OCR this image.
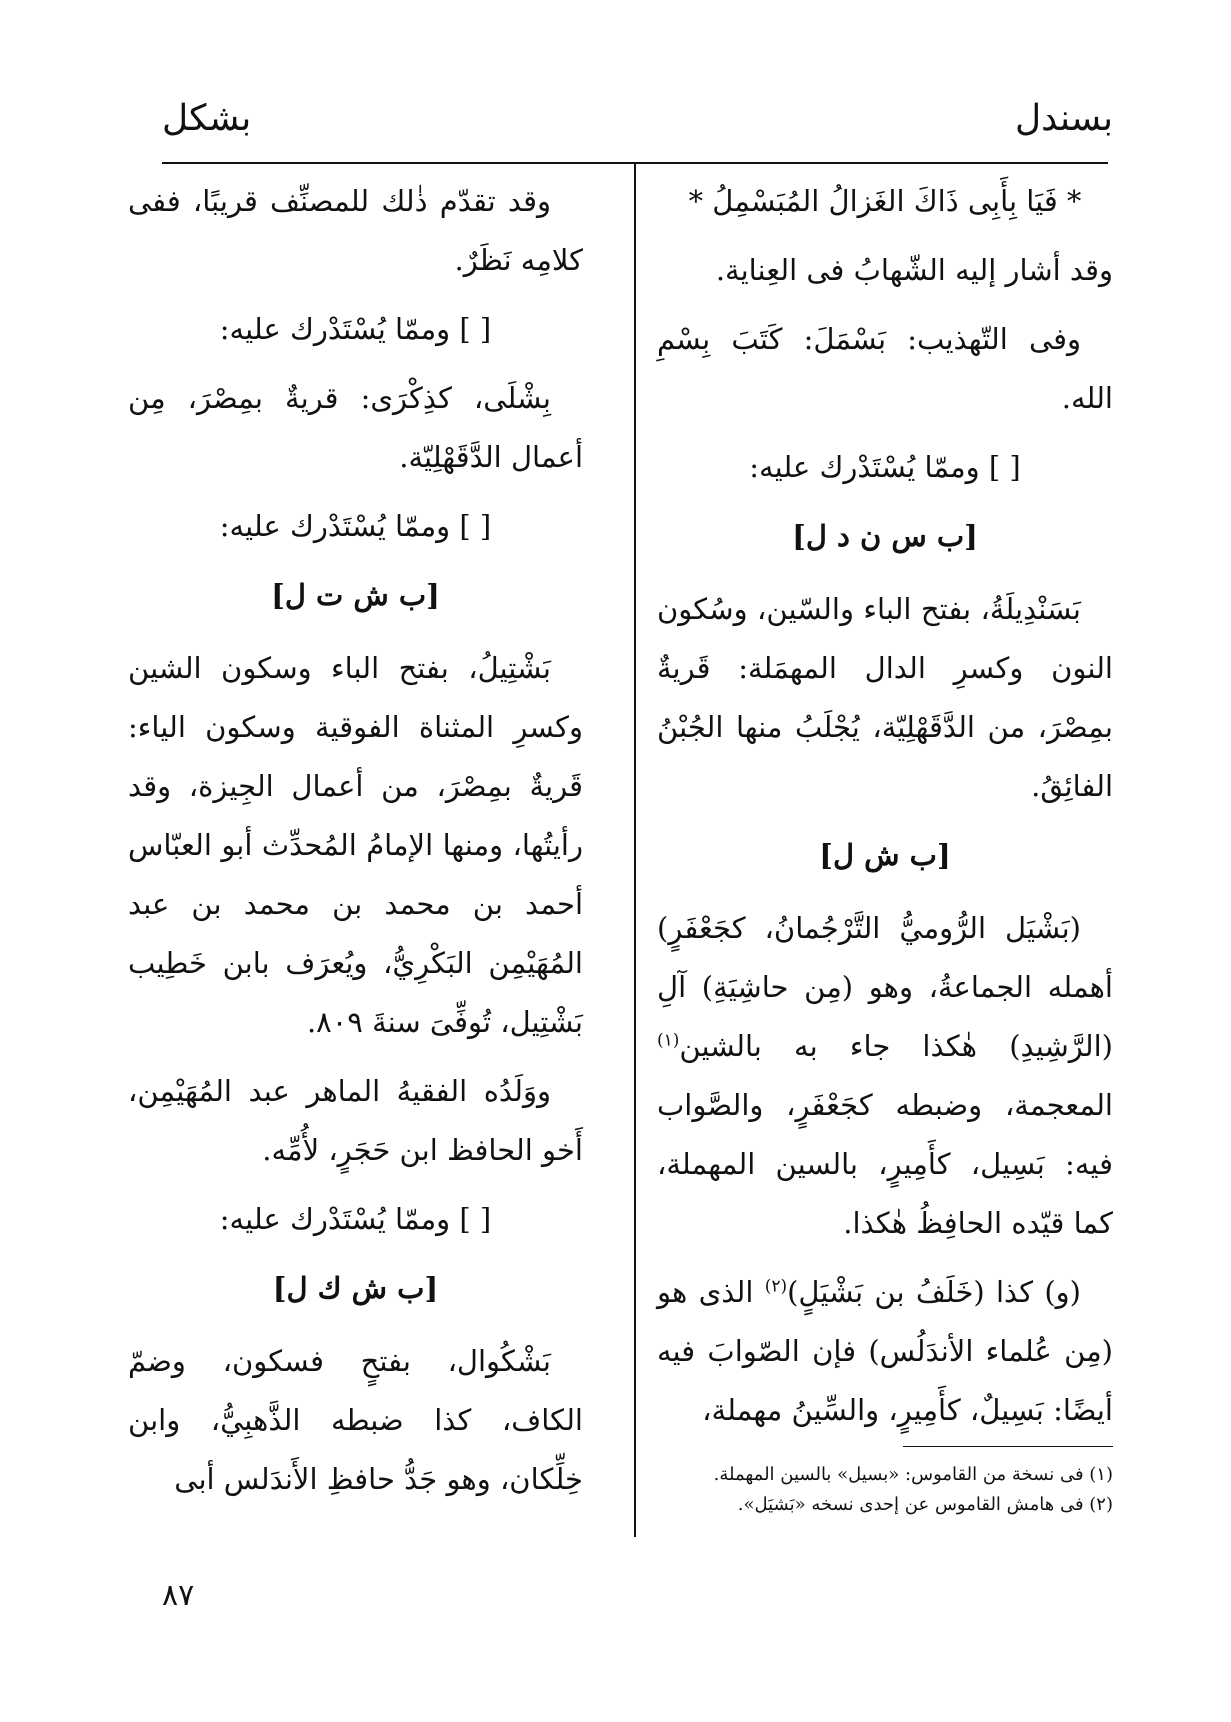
بسندل
بشكل

* فَيَا بِأَبِى ذَاكَ الغَزالُ المُبَسْمِلُ *

وقد أشار إليه الشّهابُ فى العِناية.

وفى التّهذيب: بَسْمَلَ: كَتَبَ بِسْمِ الله.

[ ] وممّا يُسْتَدْرك عليه:

[ب س ن د ل]

بَسَنْدِيلَةُ، بفتح الباء والسّين، وسُكون النون وكسرِ الدال المهمَلة: قَريةٌ بمِصْرَ، من الدَّقَهْلِيّة، يُجْلَبُ منها الجُبْنُ الفائِقُ.

[ب ش ل]

(بَشْيَل الرُّوميُّ التَّرْجُمانُ، كجَعْفَرٍ) أهمله الجماعةُ، وهو (مِن حاشِيَةِ) آلِ (الرَّشِيدِ) هٰكذا جاء به بالشين$^{(١)}$ المعجمة، وضبطه كجَعْفَرٍ، والصَّواب فيه: بَسِيل، كأَمِيرٍ، بالسين المهملة، كما قيّده الحافِظُ هٰكذا.

(و) كذا (خَلَفُ بن بَشْيَلٍ)$^{(٢)}$ الذى هو (مِن عُلماء الأندَلُس) فإن الصّوابَ فيه أيضًا: بَسِيلٌ، كأَمِيرٍ، والسِّينُ مهملة،

وقد تقدّم ذٰلك للمصنِّف قريبًا، ففى كلامِه نَظَرٌ.

[ ] وممّا يُسْتَدْرك عليه:

بِشْلَى، كذِكْرَى: قريةٌ بمِصْرَ، مِن أعمال الدَّقَهْلِيّة.

[ ] وممّا يُسْتَدْرك عليه:

[ب ش ت ل]

بَشْتِيلُ، بفتح الباء وسكون الشين وكسرِ المثناة الفوقية وسكون الياء: قَريةٌ بمِصْرَ، من أعمال الجِيزة، وقد رأيتُها، ومنها الإمامُ المُحدِّث أبو العبّاس أحمد بن محمد بن محمد بن عبد المُهَيْمِن البَكْرِيُّ، ويُعرَف بابن خَطِيب بَشْتِيل، تُوفِّىَ سنةَ ٨٠٩.

ووَلَدُه الفقيهُ الماهر عبد المُهَيْمِن، أَخو الحافظ ابن حَجَرٍ، لأُمِّه.

[ ] وممّا يُسْتَدْرك عليه:

[ب ش ك ل]

بَشْكُوال، بفتحٍ فسكون، وضمّ الكاف، كذا ضبطه الذَّهبِيُّ، وابن خِلِّكان، وهو جَدُّ حافظِ الأَندَلس أبى	(١) فى نسخة من القاموس: «بسيل» بالسين المهملة.
(٢) فى هامش القاموس عن إحدى نسخه «بَشيَل».
٨٧
